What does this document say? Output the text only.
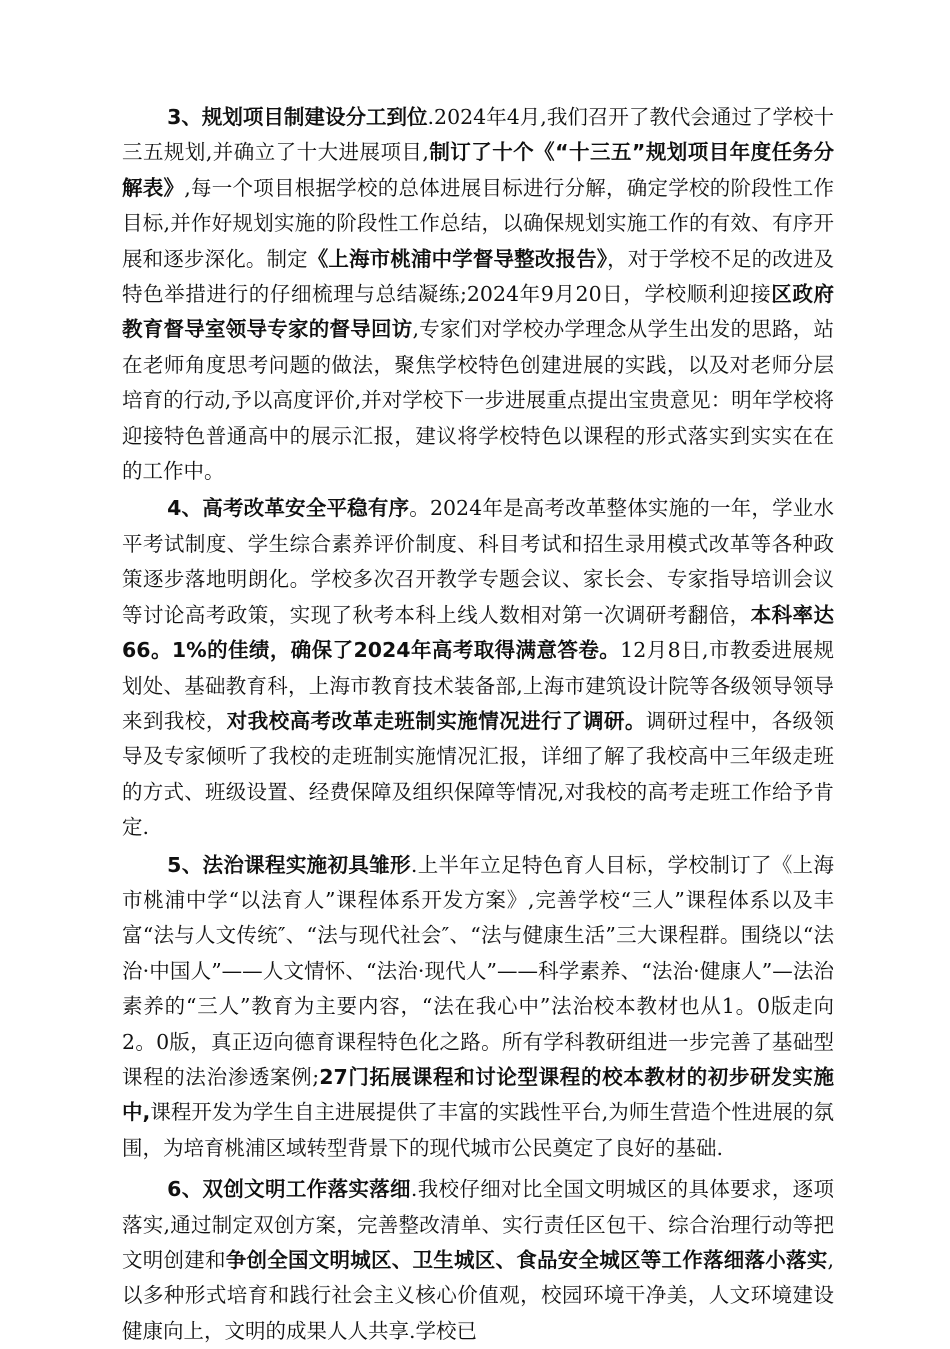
3、规划项目制建设分工到位.2024年4月,我们召开了教代会通过了学校十三五规划,并确立了十大进展项目,制订了十个《“十三五”规划项目年度任务分解表》,每一个项目根据学校的总体进展目标进行分解，确定学校的阶段性工作目标,并作好规划实施的阶段性工作总结，以确保规划实施工作的有效、有序开展和逐步深化。制定《上海市桃浦中学督导整改报告》，对于学校不足的改进及特色举措进行的仔细梳理与总结凝练;2024年9月20日，学校顺利迎接区政府教育督导室领导专家的督导回访,专家们对学校办学理念从学生出发的思路，站在老师角度思考问题的做法，聚焦学校特色创建进展的实践，以及对老师分层培育的行动,予以高度评价,并对学校下一步进展重点提出宝贵意见：明年学校将迎接特色普通高中的展示汇报，建议将学校特色以课程的形式落实到实实在在的工作中。

4、高考改革安全平稳有序。2024年是高考改革整体实施的一年，学业水平考试制度、学生综合素养评价制度、科目考试和招生录用模式改革等各种政策逐步落地明朗化。学校多次召开教学专题会议、家长会、专家指导培训会议等讨论高考政策，实现了秋考本科上线人数相对第一次调研考翻倍，本科率达66。1%的佳绩，确保了2024年高考取得满意答卷。12月8日,市教委进展规划处、基础教育科，上海市教育技术装备部,上海市建筑设计院等各级领导领导来到我校，对我校高考改革走班制实施情况进行了调研。调研过程中，各级领导及专家倾听了我校的走班制实施情况汇报，详细了解了我校高中三年级走班的方式、班级设置、经费保障及组织保障等情况,对我校的高考走班工作给予肯定.

5、法治课程实施初具雏形.上半年立足特色育人目标，学校制订了《上海市桃浦中学“以法育人”课程体系开发方案》,完善学校“三人”课程体系以及丰富“法与人文传统″、“法与现代社会″、“法与健康生活”三大课程群。围绕以“法治·中国人”——人文情怀、“法治·现代人”——科学素养、“法治·健康人”—法治素养的“三人”教育为主要内容，“法在我心中”法治校本教材也从1。0版走向2。0版，真正迈向德育课程特色化之路。所有学科教研组进一步完善了基础型课程的法治渗透案例;27门拓展课程和讨论型课程的校本教材的初步研发实施中,课程开发为学生自主进展提供了丰富的实践性平台,为师生营造个性进展的氛围，为培育桃浦区域转型背景下的现代城市公民奠定了良好的基础.

6、双创文明工作落实落细.我校仔细对比全国文明城区的具体要求，逐项落实,通过制定双创方案，完善整改清单、实行责任区包干、综合治理行动等把文明创建和争创全国文明城区、卫生城区、食品安全城区等工作落细落小落实,以多种形式培育和践行社会主义核心价值观，校园环境干净美，人文环境建设健康向上，文明的成果人人共享.学校已
